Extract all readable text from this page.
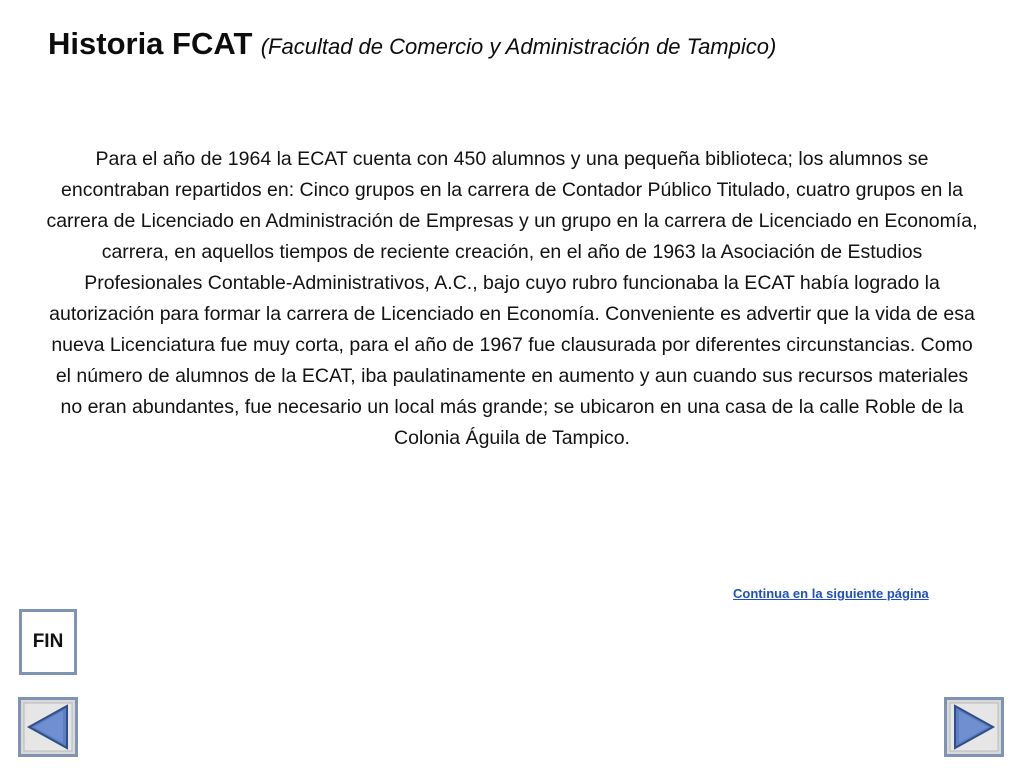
Historia FCAT (Facultad de Comercio y Administración de Tampico)
Para el año de 1964 la ECAT cuenta con 450 alumnos y una pequeña biblioteca; los alumnos se encontraban repartidos en: Cinco grupos en la carrera de Contador Público Titulado, cuatro grupos en la carrera de Licenciado en Administración de Empresas y un grupo en la carrera de Licenciado en Economía, carrera, en aquellos tiempos de reciente creación, en el año de 1963 la Asociación de Estudios Profesionales Contable-Administrativos, A.C., bajo cuyo rubro funcionaba la ECAT había logrado la autorización para formar la carrera de Licenciado en Economía. Conveniente es advertir que la vida de esa nueva Licenciatura fue muy corta, para el año de 1967 fue clausurada por diferentes circunstancias. Como el número de alumnos de la ECAT, iba paulatinamente en aumento y aun cuando sus recursos materiales no eran abundantes, fue necesario un local más grande; se ubicaron en una casa de la calle Roble de la Colonia Águila de Tampico.
Continua en la siguiente página
FIN
